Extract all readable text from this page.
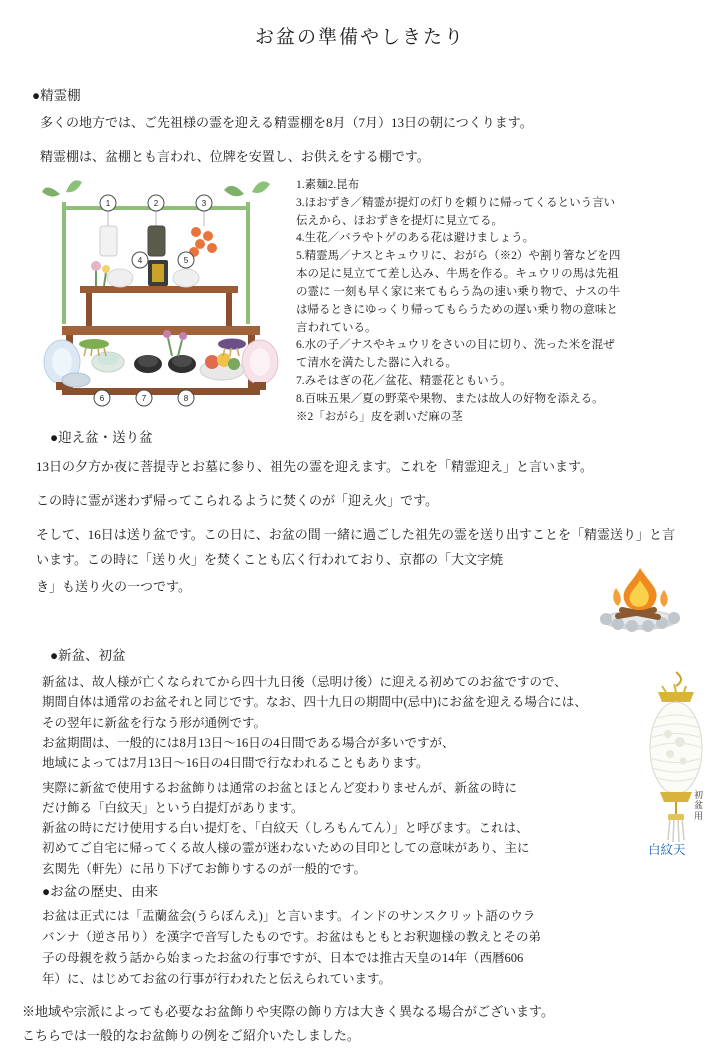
お盆の準備やしきたり

●精霊棚

多くの地方では、ご先祖様の霊を迎える精霊棚を8月（7月）13日の朝につくります。

精霊棚は、盆棚とも言われ、位牌を安置し、お供えをする棚です。

1	2	3
4	5
6	7	8

1.素麺2.昆布

3.ほおずき／精霊が提灯の灯りを頼りに帰ってくるという言い

伝えから、ほおずきを提灯に見立てる。

4.生花／バラやトゲのある花は避けましょう。

5.精霊馬／ナスとキュウリに、おがら（※2）や割り箸などを四

本の足に見立てて差し込み、牛馬を作る。キュウリの馬は先祖

の霊に 一刻も早く家に来てもらう為の速い乗り物で、ナスの牛

は帰るときにゆっくり帰ってもらうための遅い乗り物の意味と

言われている。

6.水の子／ナスやキュウリをさいの目に切り、洗った米を混ぜ

て清水を満たした器に入れる。

7.みそはぎの花／盆花、精霊花ともいう。

8.百味五果／夏の野菜や果物、または故人の好物を添える。

※2「おがら」皮を剥いだ麻の茎

●迎え盆・送り盆

13日の夕方か夜に菩提寺とお墓に参り、祖先の霊を迎えます。これを「精霊迎え」と言います。

この時に霊が迷わず帰ってこられるように焚くのが「迎え火」です。

そして、16日は送り盆です。この日に、お盆の間 一緒に過ごした祖先の霊を送り出すことを「精霊送り」と言います。この時に「送り火」を焚くことも広く行われており、京都の「大文字焼

き」も送り火の一つです。

●新盆、初盆

新盆は、故人様が亡くなられてから四十九日後（忌明け後）に迎える初めてのお盆ですので、

期間自体は通常のお盆それと同じです。なお、四十九日の期間中(忌中)にお盆を迎える場合には、

その翌年に新盆を行なう形が通例です。

お盆期間は、一般的には8月13日～16日の4日間である場合が多いですが、

地域によっては7月13日～16日の4日間で行なわれることもあります。

実際に新盆で使用するお盆飾りは通常のお盆とほとんど変わりませんが、新盆の時に

だけ飾る「白紋天」という白提灯があります。

新盆の時にだけ使用する白い提灯を、「白紋天（しろもんてん）」と呼びます。これは、

初めてご自宅に帰ってくる故人様の霊が迷わないための目印としての意味があり、主に

玄関先（軒先）に吊り下げてお飾りするのが一般的です。

初盆用
白紋天

●お盆の歴史、由来

お盆は正式には「盂蘭盆会(うらぼんえ)」と言います。インドのサンスクリット語のウラ

バンナ（逆さ吊り）を漢字で音写したものです。お盆はもともとお釈迦様の教えとその弟

子の母親を救う話から始まったお盆の行事ですが、日本では推古天皇の14年（西暦606

年）に、はじめてお盆の行事が行われたと伝えられています。

※地域や宗派によっても必要なお盆飾りや実際の飾り方は大きく異なる場合がございます。

こちらでは一般的なお盆飾りの例をご紹介いたしました。
